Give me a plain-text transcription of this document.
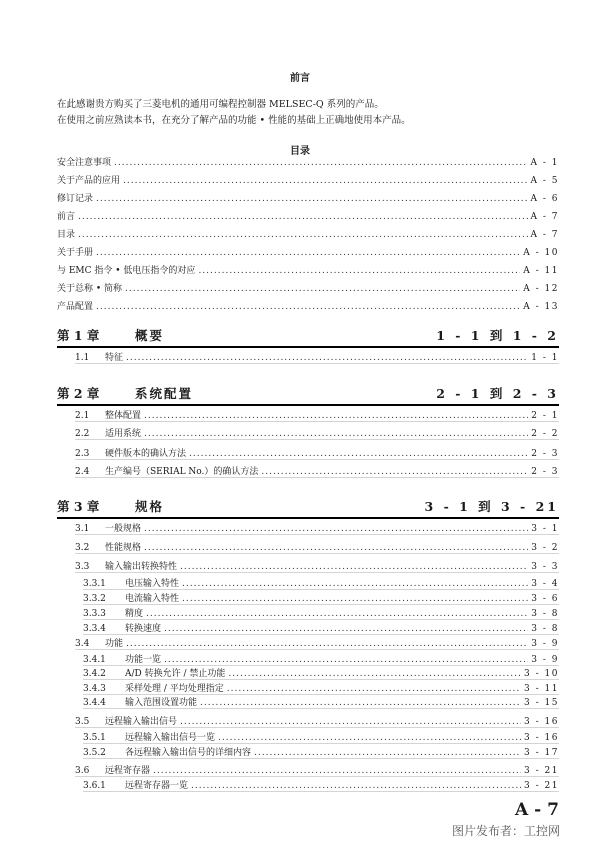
前言
在此感谢贵方购买了三菱电机的通用可编程控制器 MELSEC-Q 系列的产品。
在使用之前应熟读本书，在充分了解产品的功能 • 性能的基础上正确地使用本产品。
目录
安全注意事项 .....	A - 1
关于产品的应用 .....	A - 5
修订记录 .....	A - 6
前言 .....	A - 7
目录 .....	A - 7
关于手册 .....	A - 10
与 EMC 指令 • 低电压指令的对应 .....	A - 11
关于总称 • 简称 .....	A - 12
产品配置 .....	A - 13
第 1 章	概要	1 - 1 到 1 - 2
1.1	特征 .....	1 - 1
第 2 章	系统配置	2 - 1 到 2 - 3
2.1	整体配置 .....	2 - 1
2.2	适用系统 .....	2 - 2
2.3	硬件版本的确认方法 .....	2 - 3
2.4	生产编号（SERIAL No.）的确认方法 .....	2 - 3
第 3 章	规格	3 - 1 到 3 - 21
3.1	一般规格 .....	3 - 1
3.2	性能规格 .....	3 - 2
3.3	输入输出转换特性 .....	3 - 3
3.3.1	电压输入特性 .....	3 - 4
3.3.2	电流输入特性 .....	3 - 6
3.3.3	精度 .....	3 - 8
3.3.4	转换速度 .....	3 - 8
3.4	功能 .....	3 - 9
3.4.1	功能一览 .....	3 - 9
3.4.2	A/D 转换允许 / 禁止功能 .....	3 - 10
3.4.3	采样处理 / 平均处理指定 .....	3 - 11
3.4.4	输入范围设置功能 .....	3 - 15
3.5	远程输入输出信号 .....	3 - 16
3.5.1	远程输入输出信号一览 .....	3 - 16
3.5.2	各远程输入输出信号的详细内容 .....	3 - 17
3.6	远程寄存器 .....	3 - 21
3.6.1	远程寄存器一览 .....	3 - 21
A - 7
图片发布者：工控网
